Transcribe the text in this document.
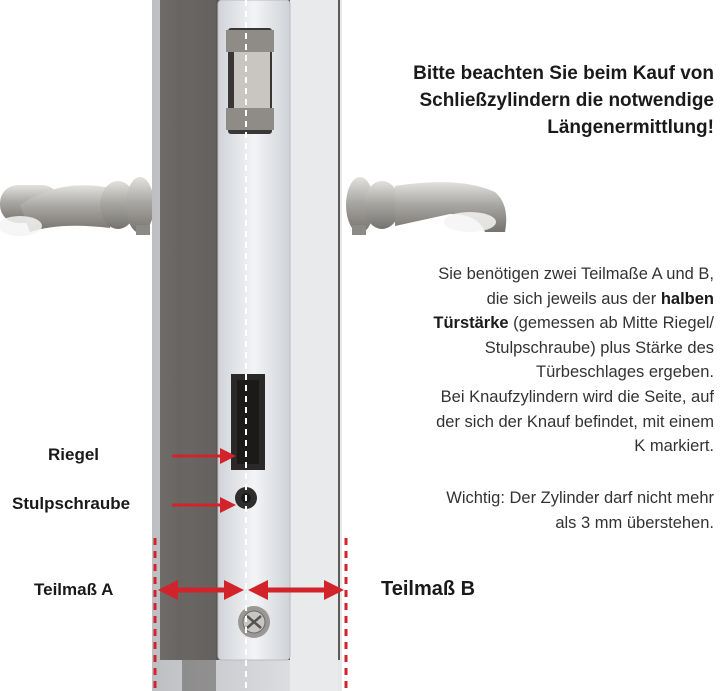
Riegel
Stulpschraube
Teilmaß A	Teilmaß B
Bitte beachten Sie beim Kauf von
Schließzylindern die notwendige
Längenermittlung!
Sie benötigen zwei Teilmaße A und B,
die sich jeweils aus der halben
Türstärke (gemessen ab Mitte Riegel/
Stulpschraube) plus Stärke des
Türbeschlages ergeben.
Bei Knaufzylindern wird die Seite, auf
der sich der Knauf befindet, mit einem
K markiert.
Wichtig: Der Zylinder darf nicht mehr
als 3 mm überstehen.
